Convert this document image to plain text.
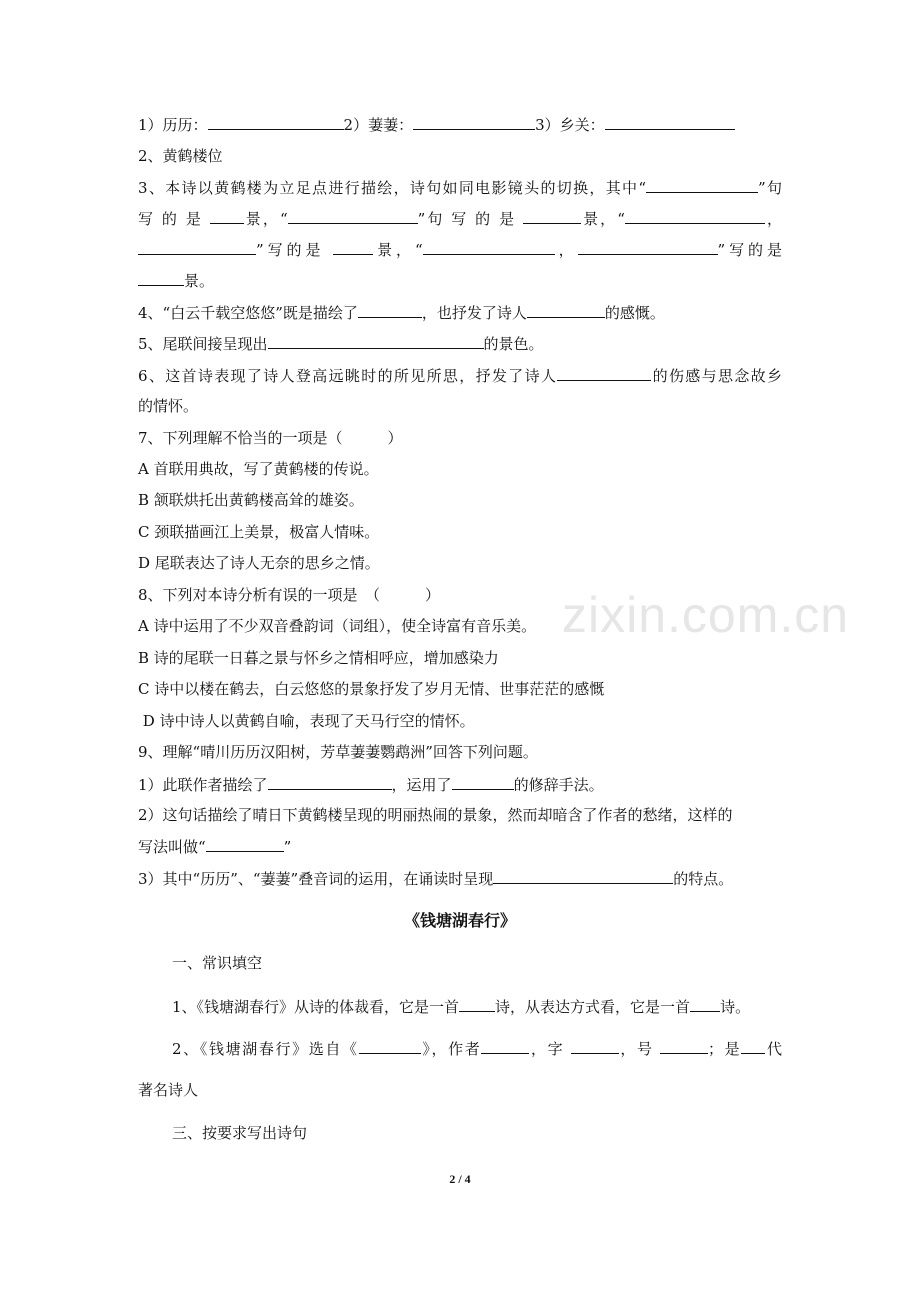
zixin.com.cn
1）历历：	2）萋萋：	3）乡关：
2、黄鹤楼位
3、本诗以黄鹤楼为立足点进行描绘，诗句如同电影镜头的切换，其中“	”句
写 的 是	景，“	”句 写 的 是	景，“	，
”写的是	景，“	，	”写的是
景。
4、“白云千载空悠悠”既是描绘了	，也抒发了诗人	的感慨。
5、尾联间接呈现出	的景色。
6、这首诗表现了诗人登高远眺时的所见所思，抒发了诗人	的伤感与思念故乡
的情怀。
7、下列理解不恰当的一项是（　　　）
A 首联用典故，写了黄鹤楼的传说。
B 颔联烘托出黄鹤楼高耸的雄姿。
C 颈联描画江上美景，极富人情味。
D 尾联表达了诗人无奈的思乡之情。
8、下列对本诗分析有误的一项是　（　　　）
A 诗中运用了不少双音叠韵词（词组），使全诗富有音乐美。
B 诗的尾联一日暮之景与怀乡之情相呼应，增加感染力
C 诗中以楼在鹤去，白云悠悠的景象抒发了岁月无情、世事茫茫的感慨
D 诗中诗人以黄鹤自喻，表现了天马行空的情怀。
9、理解“晴川历历汉阳树，芳草萋萋鹦鹉洲”回答下列问题。
1）此联作者描绘了	，运用了	的修辞手法。
2）这句话描绘了晴日下黄鹤楼呈现的明丽热闹的景象，然而却暗含了作者的愁绪，这样的
写法叫做“	”
3）其中“历历”、“萋萋”叠音词的运用，在诵读时呈现	的特点。
《钱塘湖春行》
一、常识填空
1、《钱塘湖春行》从诗的体裁看，它是一首 诗，从表达方式看，它是一首 诗。
2、《钱塘湖春行》选自《	》，作者	，字	，号	；是 代
著名诗人
三、按要求写出诗句
2 / 4
